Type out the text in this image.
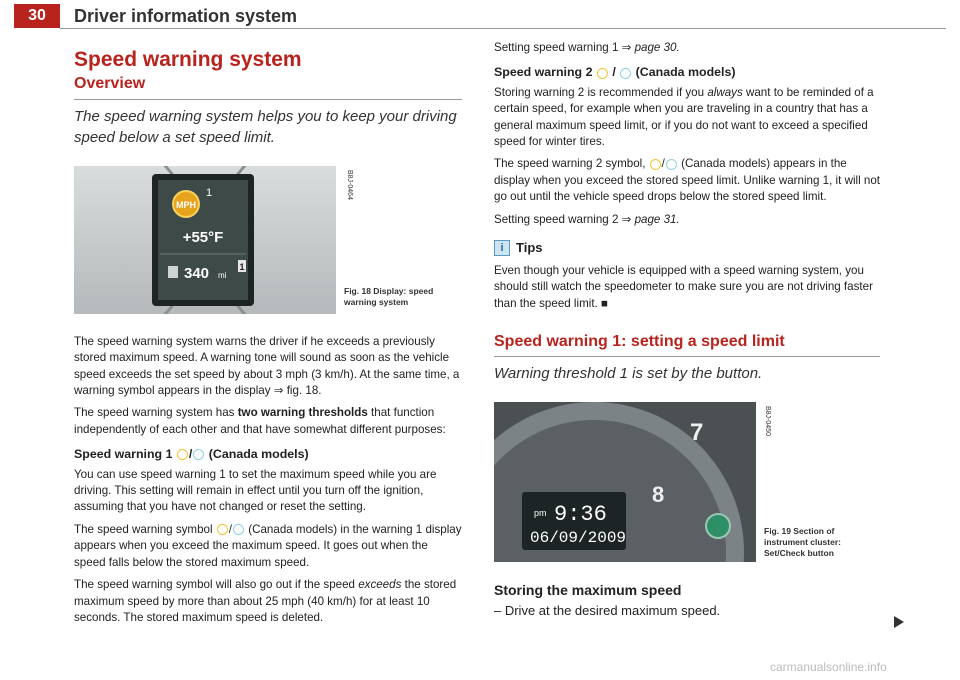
30	Driver information system
Speed warning system
Overview

The speed warning system helps you to keep your driving speed below a set speed limit.

MPH
1
+55°F
340 mi
1
B8J-0464
Fig. 18 Display: speed warning system

The speed warning system warns the driver if he exceeds a previously stored maximum speed. A warning tone will sound as soon as the vehicle speed exceeds the set speed by about 3 mph (3 km/h). At the same time, a warning symbol appears in the display ⇒ fig. 18.

The speed warning system has two warning thresholds that function independently of each other and that have somewhat different purposes:

Speed warning 1 / (Canada models)

You can use speed warning 1 to set the maximum speed while you are driving. This setting will remain in effect until you turn off the ignition, assuming that you have not changed or reset the setting.

The speed warning symbol / (Canada models) in the warning 1 display appears when you exceed the maximum speed. It goes out when the speed falls below the stored maximum speed.

The speed warning symbol will also go out if the speed exceeds the stored maximum speed by more than about 25 mph (40 km/h) for at least 10 seconds. The stored maximum speed is deleted.

Setting speed warning 1 ⇒ page 30.

Speed warning 2  /  (Canada models)

Storing warning 2 is recommended if you always want to be reminded of a certain speed, for example when you are traveling in a country that has a general maximum speed limit, or if you do not want to exceed a specified speed for winter tires.

The speed warning 2 symbol, / (Canada models) appears in the display when you exceed the stored speed limit. Unlike warning 1, it will not go out until the vehicle speed drops below the stored speed limit.

Setting speed warning 2 ⇒ page 31.

i Tips

Even though your vehicle is equipped with a speed warning system, you should still watch the speedometer to make sure you are not driving faster than the speed limit. ■

Speed warning 1: setting a speed limit

Warning threshold 1 is set by the button.

7
8
pm 9:36
06/09/2009
B8J-0450
Fig. 19 Section of instrument cluster: Set/Check button
Storing the maximum speed

– Drive at the desired maximum speed.

carmanualsonline.info
